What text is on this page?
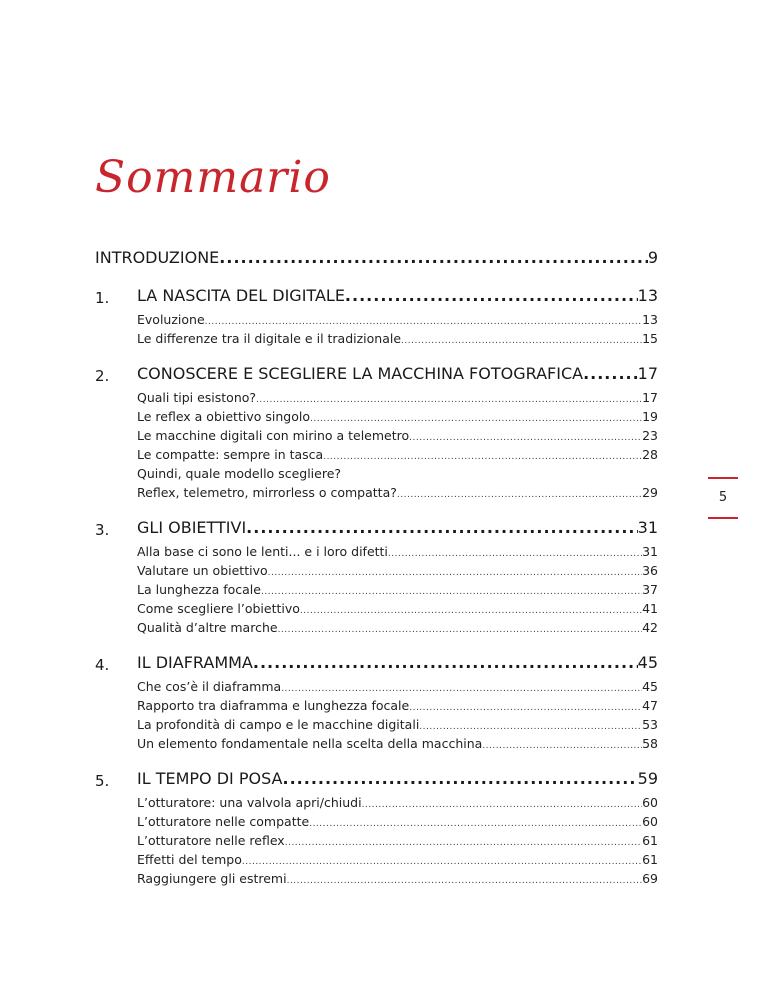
Sommario
INTRODUZIONE .....	9
1.	LA NASCITA DEL DIGITALE .....	13
Evoluzione .....	13
Le differenze tra il digitale e il tradizionale .....	15
2.	CONOSCERE E SCEGLIERE LA MACCHINA FOTOGRAFICA .....	17
Quali tipi esistono? .....	17
Le reflex a obiettivo singolo .....	19
Le macchine digitali con mirino a telemetro .....	23
Le compatte: sempre in tasca .....	28
Quindi, quale modello scegliere?
Reflex, telemetro, mirrorless o compatta? .....	29
3.	GLI OBIETTIVI .....	31
Alla base ci sono le lenti... e i loro difetti .....	31
Valutare un obiettivo .....	36
La lunghezza focale .....	37
Come scegliere l’obiettivo .....	41
Qualità d’altre marche .....	42
4.	IL DIAFRAMMA .....	45
Che cos’è il diaframma .....	45
Rapporto tra diaframma e lunghezza focale .....	47
La profondità di campo e le macchine digitali .....	53
Un elemento fondamentale nella scelta della macchina .....	58
5.	IL TEMPO DI POSA .....	59
L’otturatore: una valvola apri/chiudi .....	60
L’otturatore nelle compatte .....	60
L’otturatore nelle reflex .....	61
Effetti del tempo .....	61
Raggiungere gli estremi .....	69
5
